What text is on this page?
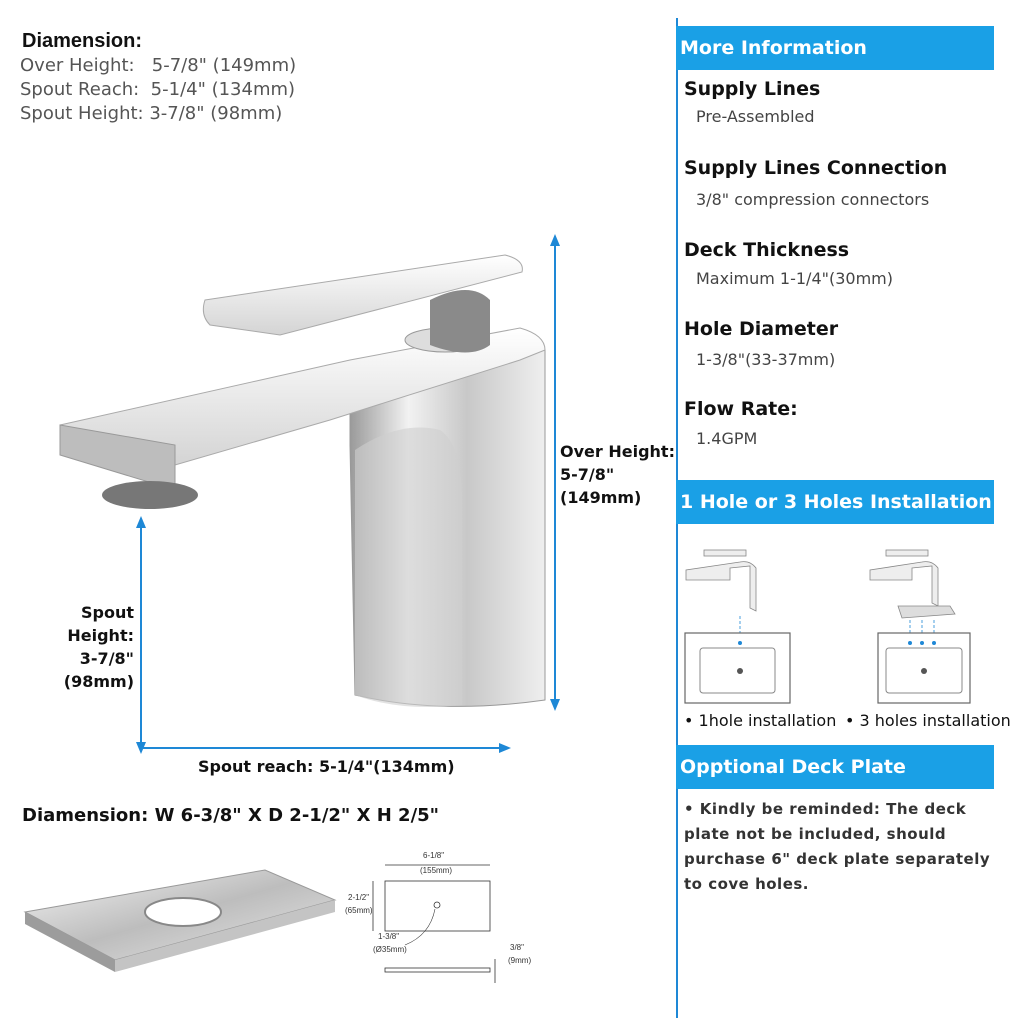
Diamension:
Over Height:   5-7/8" (149mm)
Spout Reach:  5-1/4" (134mm)
Spout Height: 3-7/8" (98mm)
Over Height:
5-7/8"
(149mm)
Spout Height:
3-7/8"
(98mm)
Spout reach: 5-1/4"(134mm)
Diamension: W 6-3/8" X D 2-1/2" X H 2/5"
6-1/8"
(155mm)
2-1/2"
(65mm)
1-3/8"
(Ø35mm)	3/8"
(9mm)
More Information
Supply Lines
Pre-Assembled
Supply Lines Connection
3/8" compression connectors
Deck Thickness
Maximum 1-1/4"(30mm)
Hole Diameter
1-3/8"(33-37mm)
Flow Rate:
1.4GPM
1 Hole or 3 Holes Installation
• 1hole installation • 3 holes installation
Opptional Deck Plate
• Kindly be reminded: The deck plate not be included, should purchase 6" deck plate separately to cove holes.
